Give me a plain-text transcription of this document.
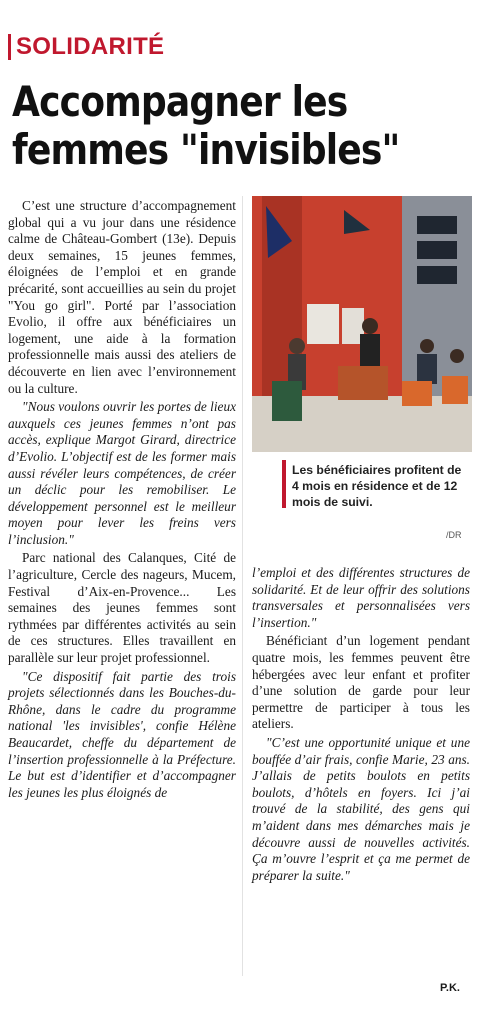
SOLIDARITÉ
Accompagner les femmes "invisibles"

C’est une structure d’accompagnement global qui a vu jour dans une résidence calme de Château-Gombert (13e). Depuis deux semaines, 15 jeunes femmes, éloignées de l’emploi et en grande précarité, sont accueillies au sein du projet "You go girl". Porté par l’association Evolio, il offre aux bénéficiaires un logement, une aide à la formation professionnelle mais aussi des ateliers de découverte en lien avec l’environnement ou la culture.

"Nous voulons ouvrir les portes de lieux auxquels ces jeunes femmes n’ont pas accès, explique Margot Girard, directrice d’Evolio. L’objectif est de les former mais aussi révéler leurs compétences, de créer un déclic pour les remobiliser. Le développement personnel est le meilleur moyen pour lever les freins vers l’inclusion."

Parc national des Calanques, Cité de l’agriculture, Cercle des nageurs, Mucem, Festival d’Aix-en-Provence... Les semaines des jeunes femmes sont rythmées par différentes activités au sein de ces structures. Elles travaillent en parallèle sur leur projet professionnel.

"Ce dispositif fait partie des trois projets sélectionnés dans les Bouches-du-Rhône, dans le cadre du programme national 'les invisibles', confie Hélène Beaucardet, cheffe du département de l’insertion professionnelle à la Préfecture. Le but est d’identifier et d’accompagner les jeunes les plus éloignés de

Les bénéficiaires profitent de 4 mois en résidence et de 12 mois de suivi.
/DR

l’emploi et des différentes structures de solidarité. Et de leur offrir des solutions transversales et personnalisées vers l’insertion."

Bénéficiant d’un logement pendant quatre mois, les femmes peuvent être hébergées avec leur enfant et profiter d’une solution de garde pour leur permettre de participer à tous les ateliers.

"C’est une opportunité unique et une bouffée d’air frais, confie Marie, 23 ans. J’allais de petits boulots en petits boulots, d’hôtels en foyers. Ici j’ai trouvé de la stabilité, des gens qui m’aident dans mes démarches mais je découvre aussi de nouvelles activités. Ça m’ouvre l’esprit et ça me permet de préparer la suite."

P.K.
